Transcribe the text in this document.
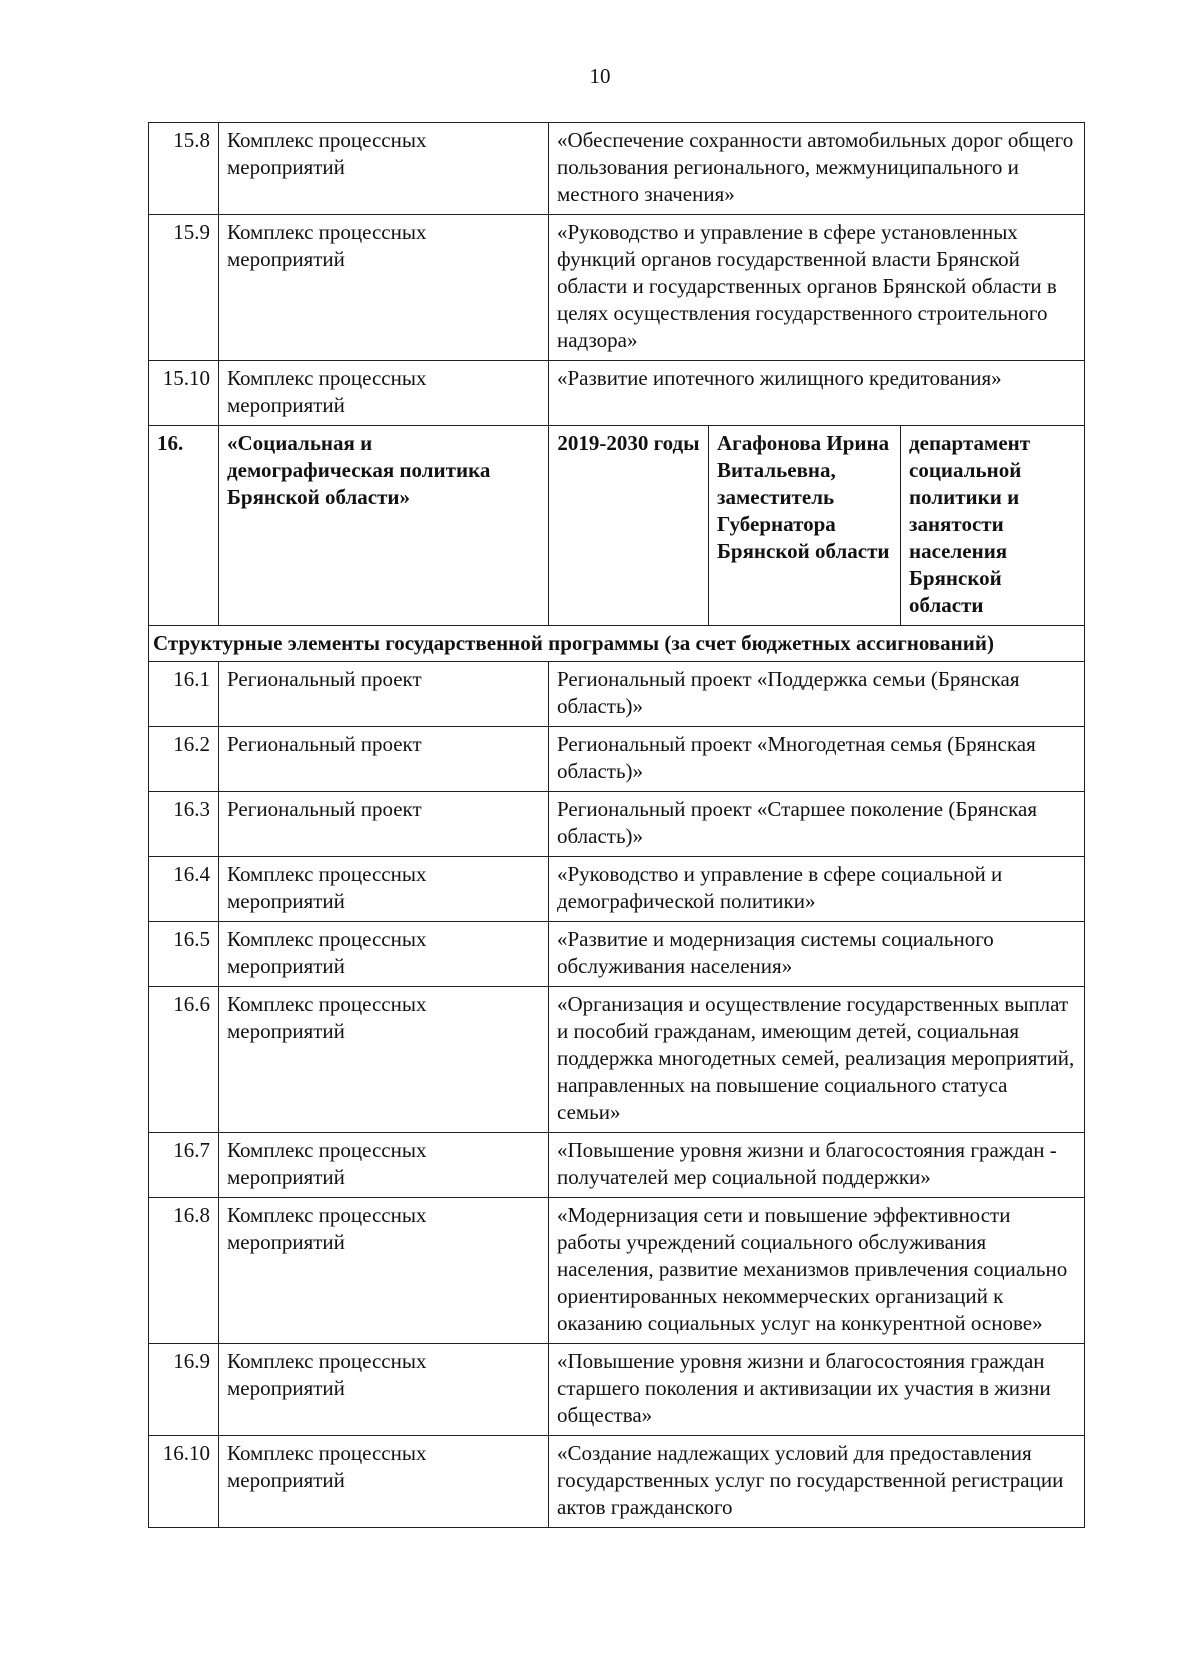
10
15.8	Комплекс процессных мероприятий	«Обеспечение сохранности автомобильных дорог общего пользования регионального, межмуниципального и местного значения»		
15.9	Комплекс процессных мероприятий	«Руководство и управление в сфере установленных функций органов государственной власти Брянской области и государственных органов Брянской области в целях осуществления государственного строительного надзора»		
15.10	Комплекс процессных мероприятий	«Развитие ипотечного жилищного кредитования»		
16.	«Социальная и демографическая политика Брянской области»	2019-2030 годы	Агафонова Ирина Витальевна, заместитель Губернатора Брянской области	департамент социальной политики и занятости населения Брянской области
Структурные элементы государственной программы (за счет бюджетных ассигнований)				
16.1	Региональный проект	Региональный проект «Поддержка семьи (Брянская область)»		
16.2	Региональный проект	Региональный проект «Многодетная семья (Брянская область)»		
16.3	Региональный проект	Региональный проект «Старшее поколение (Брянская область)»		
16.4	Комплекс процессных мероприятий	«Руководство и управление в сфере социальной и демографической политики»		
16.5	Комплекс процессных мероприятий	«Развитие и модернизация системы социального обслуживания населения»		
16.6	Комплекс процессных мероприятий	«Организация и осуществление государственных выплат и пособий гражданам, имеющим детей, социальная поддержка многодетных семей, реализация мероприятий, направленных на повышение социального статуса семьи»		
16.7	Комплекс процессных мероприятий	«Повышение уровня жизни и благосостояния граждан - получателей мер социальной поддержки»		
16.8	Комплекс процессных мероприятий	«Модернизация сети и повышение эффективности работы учреждений социального обслуживания населения, развитие механизмов привлечения социально ориентированных некоммерческих организаций к оказанию социальных услуг на конкурентной основе»		
16.9	Комплекс процессных мероприятий	«Повышение уровня жизни и благосостояния граждан старшего поколения и активизации их участия в жизни общества»		
16.10	Комплекс процессных мероприятий	«Создание надлежащих условий для предоставления государственных услуг по государственной регистрации актов гражданского		
